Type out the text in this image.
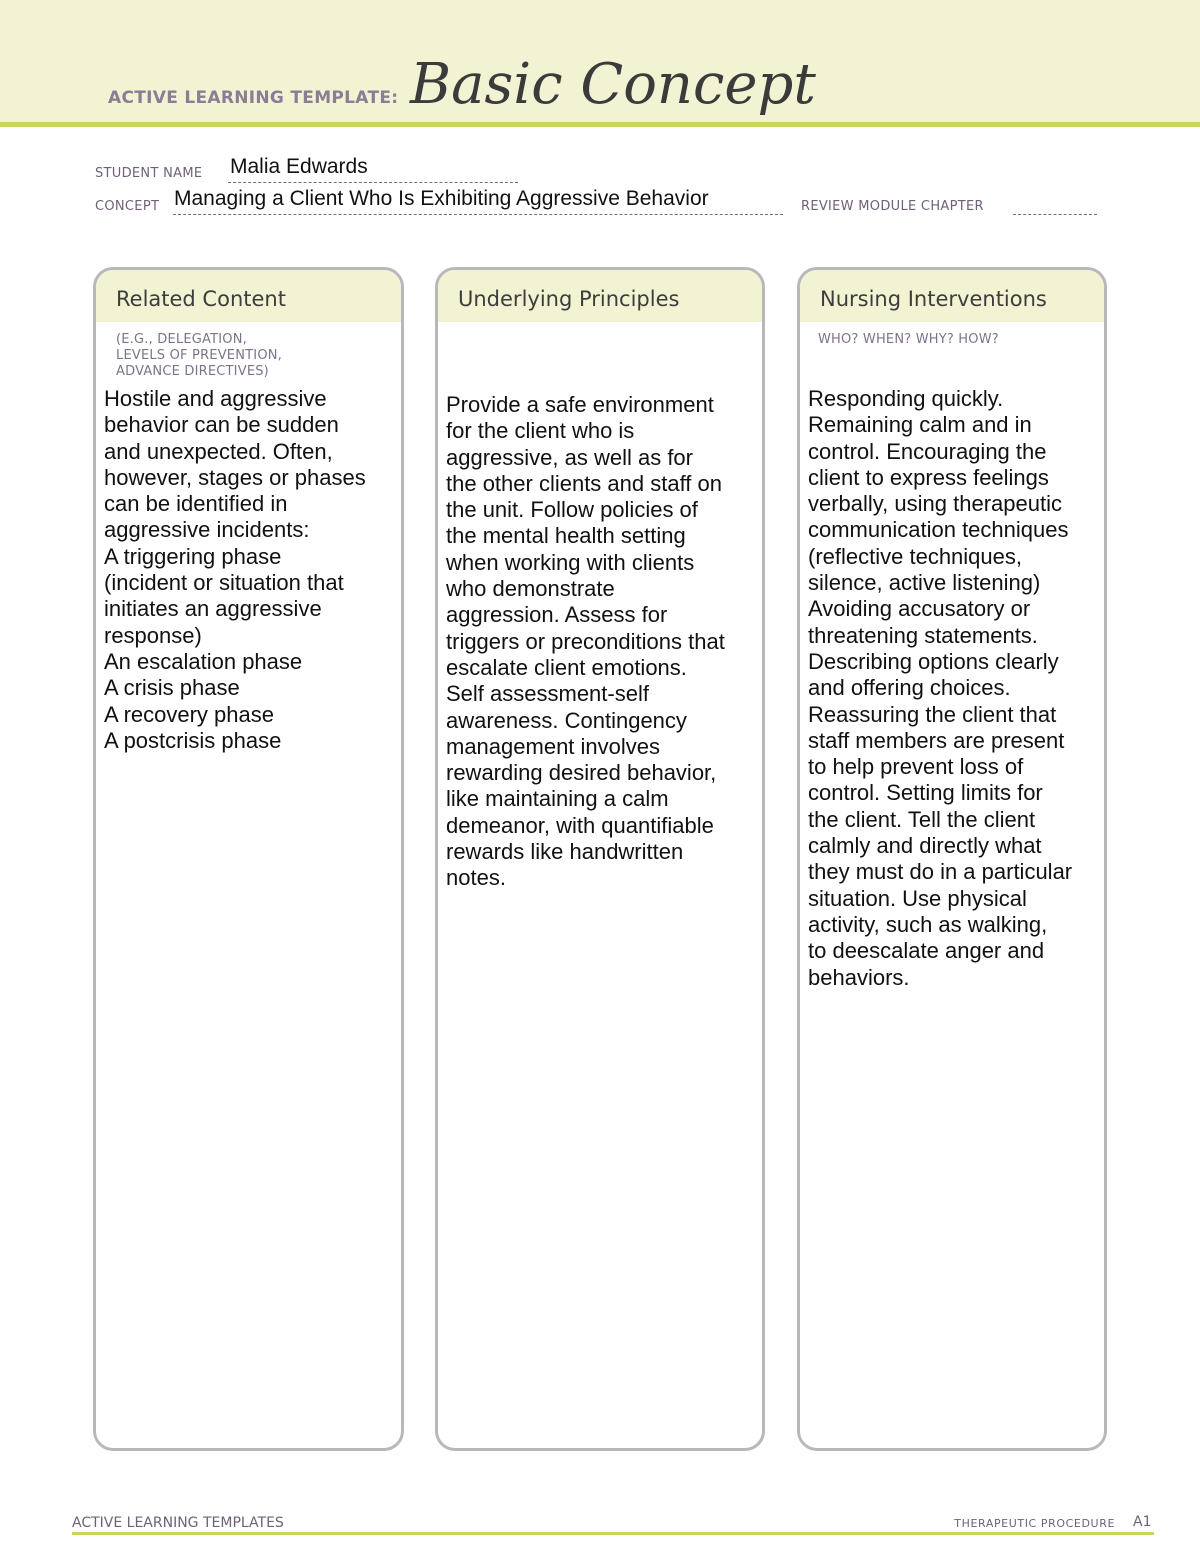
ACTIVE LEARNING TEMPLATE: Basic Concept
STUDENT NAME Malia Edwards
CONCEPT Managing a Client Who Is Exhibiting Aggressive Behavior	REVIEW MODULE CHAPTER
Related Content
(E.G., DELEGATION,
LEVELS OF PREVENTION,
ADVANCE DIRECTIVES)
Hostile and aggressive
behavior can be sudden
and unexpected. Often,
however, stages or phases
can be identified in
aggressive incidents:
A triggering phase
(incident or situation that
initiates an aggressive
response)
An escalation phase
A crisis phase
A recovery phase
A postcrisis phase
Underlying Principles
Provide a safe environment
for the client who is
aggressive, as well as for
the other clients and staff on
the unit. Follow policies of
the mental health setting
when working with clients
who demonstrate
aggression. Assess for
triggers or preconditions that
escalate client emotions.
Self assessment-self
awareness. Contingency
management involves
rewarding desired behavior,
like maintaining a calm
demeanor, with quantifiable
rewards like handwritten
notes.
Nursing Interventions
WHO? WHEN? WHY? HOW?
Responding quickly.
Remaining calm and in
control. Encouraging the
client to express feelings
verbally, using therapeutic
communication techniques
(reflective techniques,
silence, active listening)
Avoiding accusatory or
threatening statements.
Describing options clearly
and offering choices.
Reassuring the client that
staff members are present
to help prevent loss of
control. Setting limits for
the client. Tell the client
calmly and directly what
they must do in a particular
situation. Use physical
activity, such as walking,
to deescalate anger and
behaviors.
ACTIVE LEARNING TEMPLATES	THERAPEUTIC PROCEDURE A1
